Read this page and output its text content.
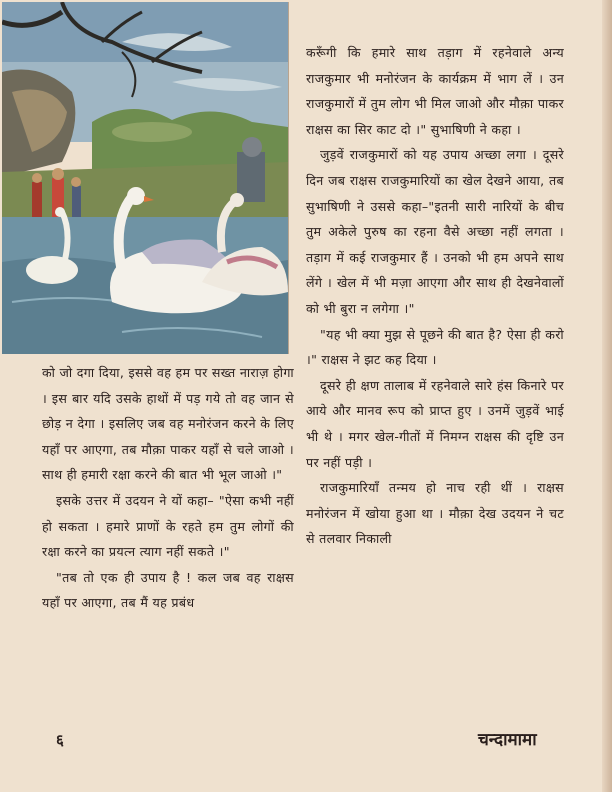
को जो दगा दिया, इससे वह हम पर सख्त नाराज़ होगा । इस बार यदि उसके हाथों में पड़ गये तो वह जान से छोड़ न देगा । इसलिए जब वह मनोरंजन करने के लिए यहाँ पर आएगा, तब मौक़ा पाकर यहाँ से चले जाओ । साथ ही हमारी रक्षा करने की बात भी भूल जाओ ।"

इसके उत्तर में उदयन ने यों कहा– "ऐसा कभी नहीं हो सकता । हमारे प्राणों के रहते हम तुम लोगों की रक्षा करने का प्रयत्न त्याग नहीं सकते ।"

"तब तो एक ही उपाय है ! कल जब वह राक्षस यहाँ पर आएगा, तब मैं यह प्रबंध

करूँगी कि हमारे साथ तड़ाग में रहनेवाले अन्य राजकुमार भी मनोरंजन के कार्यक्रम में भाग लें । उन राजकुमारों में तुम लोग भी मिल जाओ और मौक़ा पाकर राक्षस का सिर काट दो ।" सुभाषिणी ने कहा ।

जुड़वें राजकुमारों को यह उपाय अच्छा लगा । दूसरे दिन जब राक्षस राजकुमारियों का खेल देखने आया, तब सुभाषिणी ने उससे कहा–"इतनी सारी नारियों के बीच तुम अकेले पुरुष का रहना वैसे अच्छा नहीं लगता । तड़ाग में कई राजकुमार हैं । उनको भी हम अपने साथ लेंगे । खेल में भी मज़ा आएगा और साथ ही देखनेवालों को भी बुरा न लगेगा ।"

"यह भी क्या मुझ से पूछने की बात है? ऐसा ही करो ।" राक्षस ने झट कह दिया ।

दूसरे ही क्षण तालाब में रहनेवाले सारे हंस किनारे पर आये और मानव रूप को प्राप्त हुए । उनमें जुड़वें भाई भी थे । मगर खेल-गीतों में निमग्न राक्षस की दृष्टि उन पर नहीं पड़ी ।

राजकुमारियाँ तन्मय हो नाच रही थीं । राक्षस मनोरंजन में खोया हुआ था । मौक़ा देख उदयन ने चट से तलवार निकाली

६	चन्दामामा
